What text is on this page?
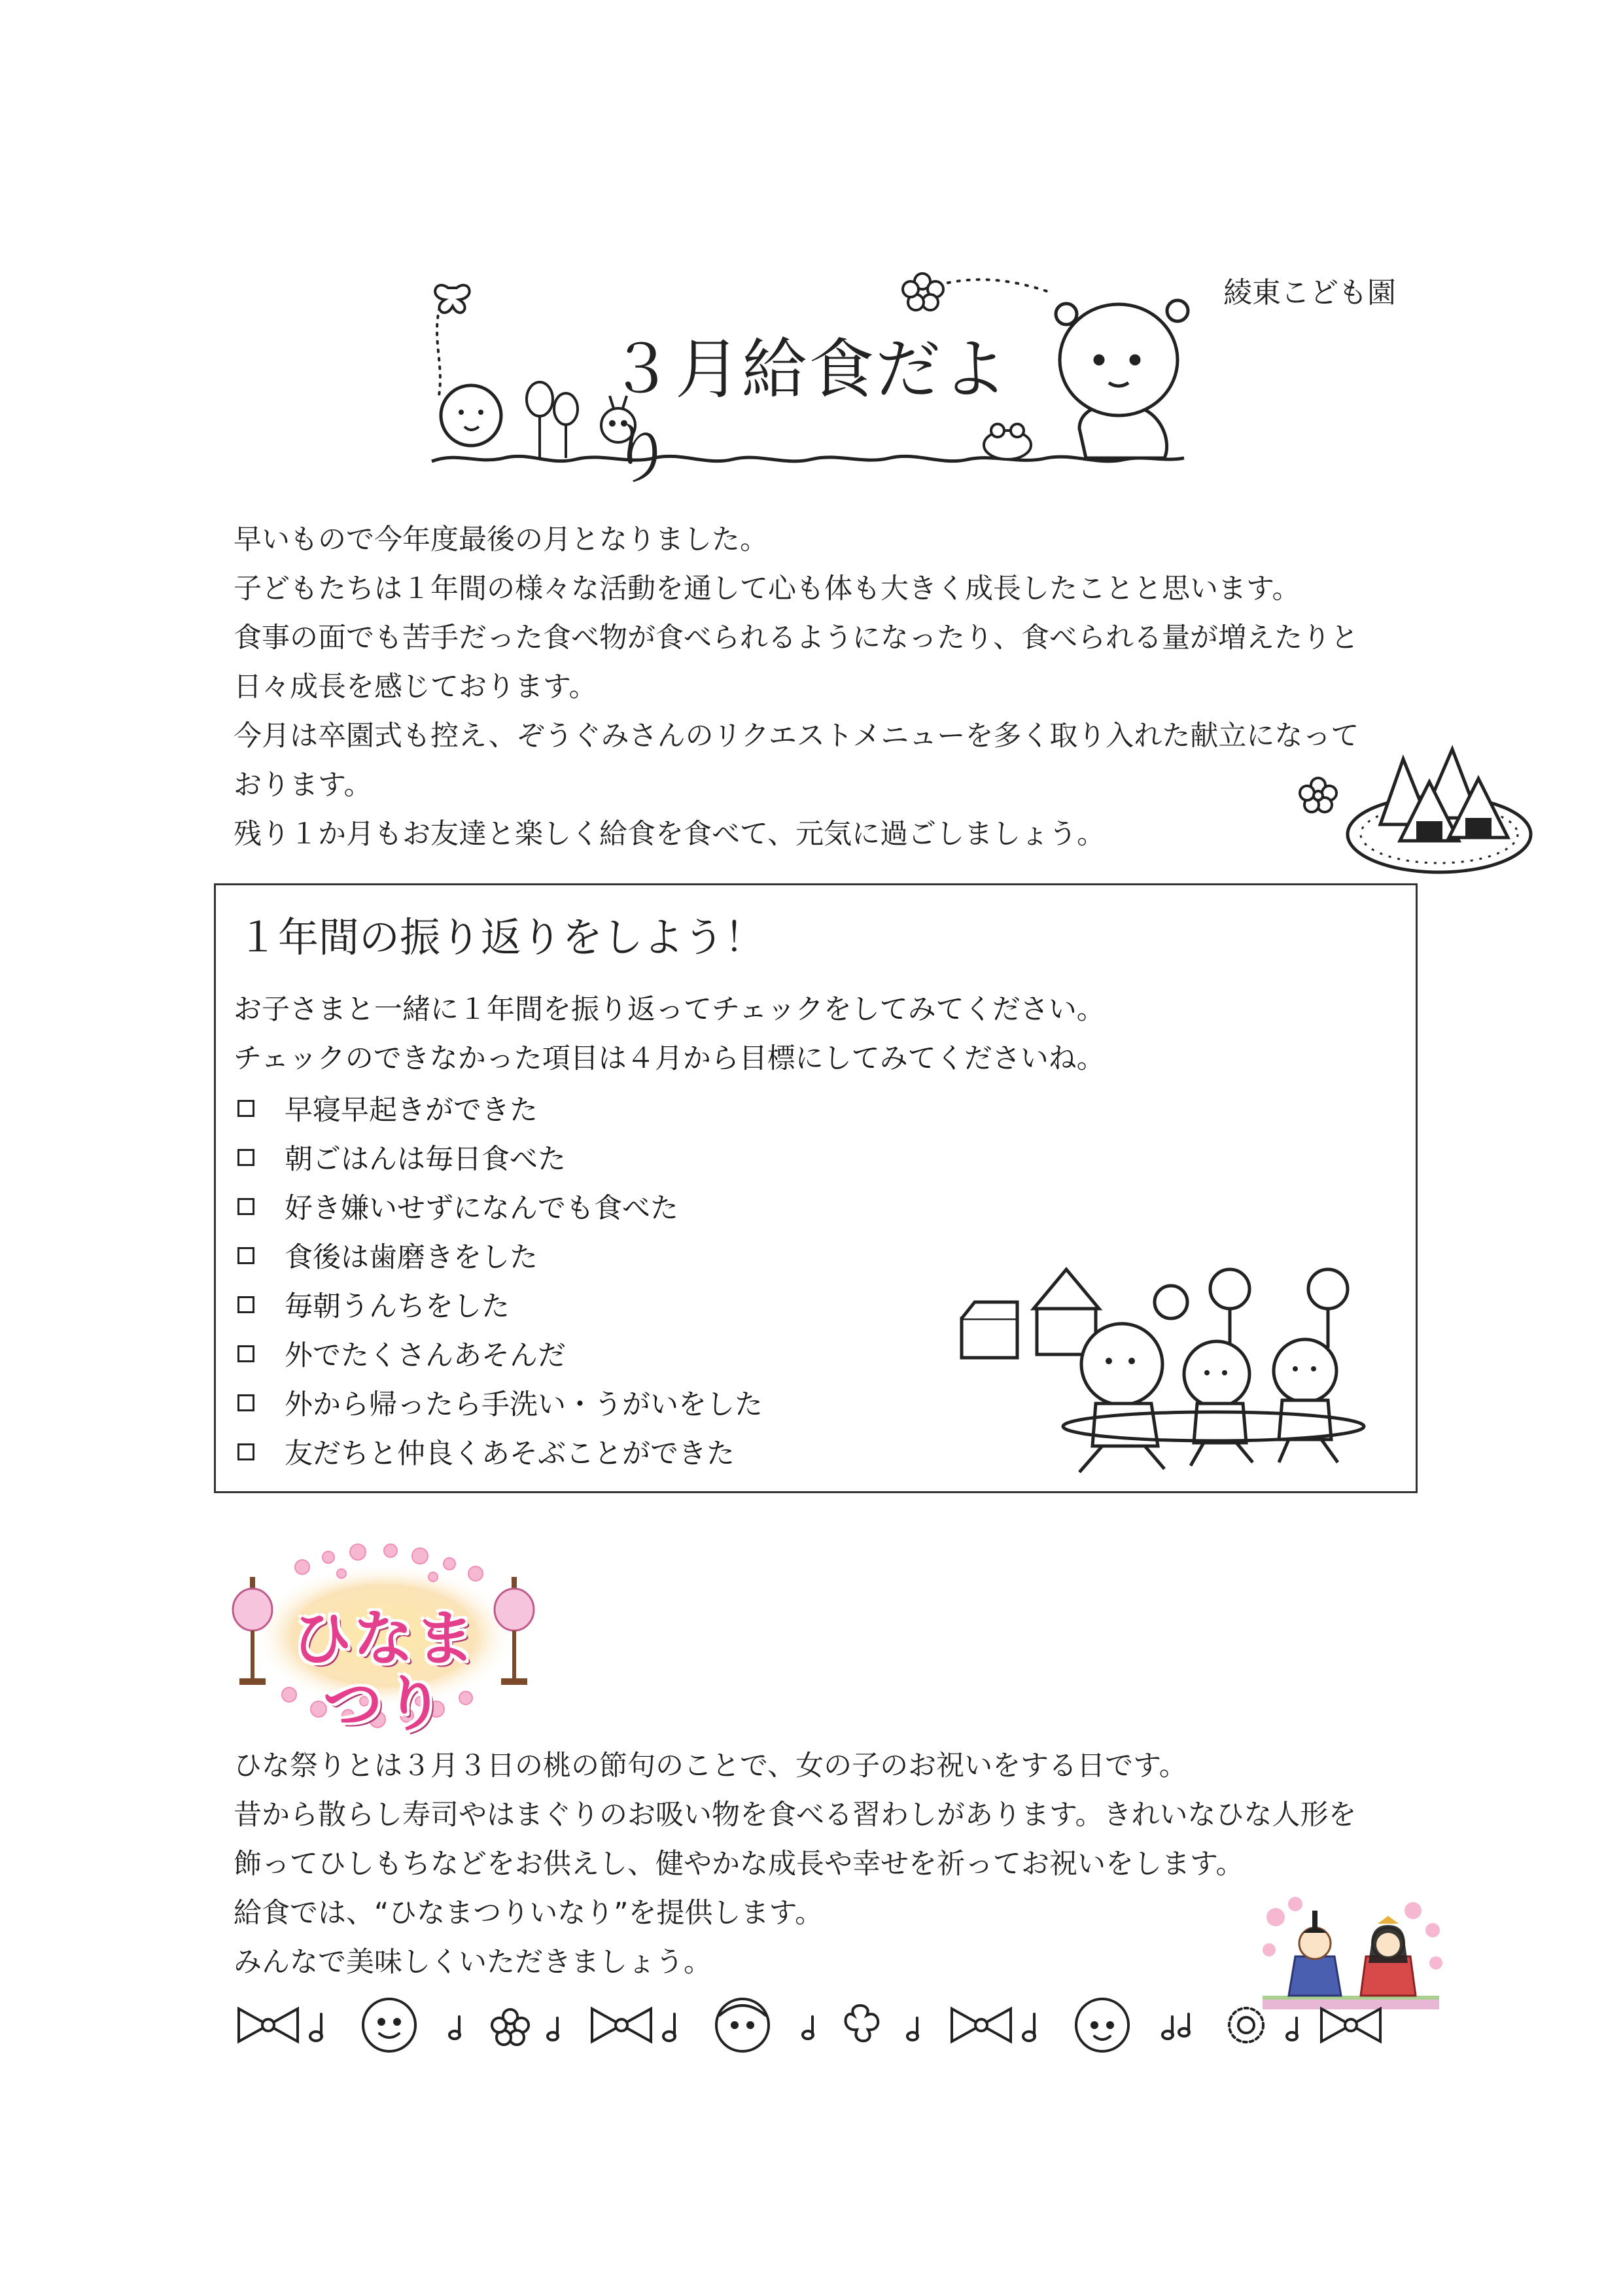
３月給食だより
綾東こども園
早いもので今年度最後の月となりました。
子どもたちは１年間の様々な活動を通して心も体も大きく成長したことと思います。
食事の面でも苦手だった食べ物が食べられるようになったり、食べられる量が増えたりと
日々成長を感じております。
今月は卒園式も控え、ぞうぐみさんのリクエストメニューを多く取り入れた献立になって
おります。
残り１か月もお友達と楽しく給食を食べて、元気に過ごしましょう。
１年間の振り返りをしよう！
お子さまと一緒に１年間を振り返ってチェックをしてみてください。
チェックのできなかった項目は４月から目標にしてみてくださいね。
早寝早起きができた
朝ごはんは毎日食べた
好き嫌いせずになんでも食べた
食後は歯磨きをした
毎朝うんちをした
外でたくさんあそんだ
外から帰ったら手洗い・うがいをした
友だちと仲良くあそぶことができた
ひなまつり
ひな祭りとは３月３日の桃の節句のことで、女の子のお祝いをする日です。
昔から散らし寿司やはまぐりのお吸い物を食べる習わしがあります。きれいなひな人形を
飾ってひしもちなどをお供えし、健やかな成長や幸せを祈ってお祝いをします。
給食では、“ひなまつりいなり”を提供します。
みんなで美味しくいただきましょう。
